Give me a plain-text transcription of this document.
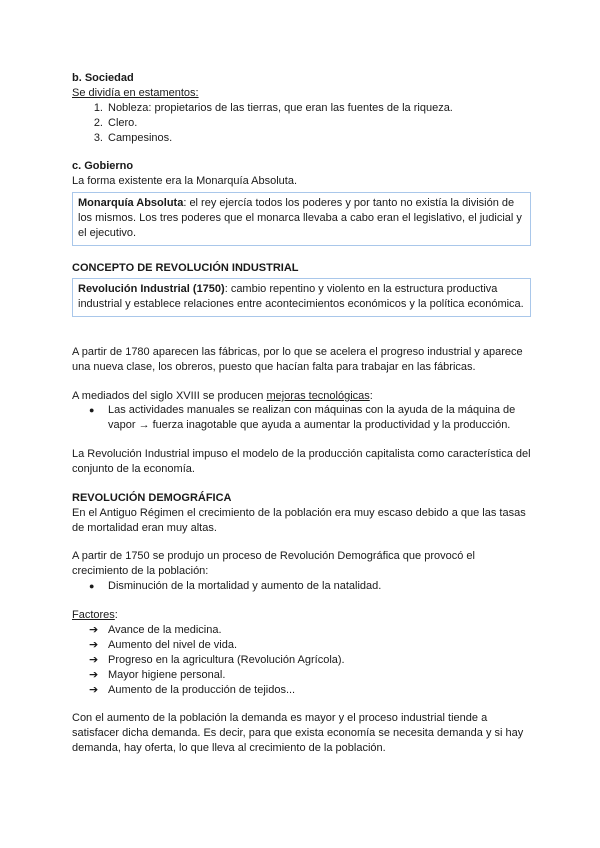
b. Sociedad
Se dividía en estamentos:
1. Nobleza: propietarios de las tierras, que eran las fuentes de la riqueza.
2. Clero.
3. Campesinos.
c. Gobierno
La forma existente era la Monarquía Absoluta.
Monarquía Absoluta: el rey ejercía todos los poderes y por tanto no existía la división de los mismos. Los tres poderes que el monarca llevaba a cabo eran el legislativo, el judicial y el ejecutivo.
CONCEPTO DE REVOLUCIÓN INDUSTRIAL
Revolución Industrial (1750): cambio repentino y violento en la estructura productiva industrial y establece relaciones entre acontecimientos económicos y la política económica.
A partir de 1780 aparecen las fábricas, por lo que se acelera el progreso industrial y aparece una nueva clase, los obreros, puesto que hacían falta para trabajar en las fábricas.
A mediados del siglo XVIII se producen mejoras tecnológicas:
● Las actividades manuales se realizan con máquinas con la ayuda de la máquina de vapor → fuerza inagotable que ayuda a aumentar la productividad y la producción.
La Revolución Industrial impuso el modelo de la producción capitalista como característica del conjunto de la economía.
REVOLUCIÓN DEMOGRÁFICA
En el Antiguo Régimen el crecimiento de la población era muy escaso debido a que las tasas de mortalidad eran muy altas.
A partir de 1750 se produjo un proceso de Revolución Demográfica que provocó el crecimiento de la población:
● Disminución de la mortalidad y aumento de la natalidad.
Factores:
➔ Avance de la medicina.
➔ Aumento del nivel de vida.
➔ Progreso en la agricultura (Revolución Agrícola).
➔ Mayor higiene personal.
➔ Aumento de la producción de tejidos...
Con el aumento de la población la demanda es mayor y el proceso industrial tiende a satisfacer dicha demanda. Es decir, para que exista economía se necesita demanda y si hay demanda, hay oferta, lo que lleva al crecimiento de la población.
